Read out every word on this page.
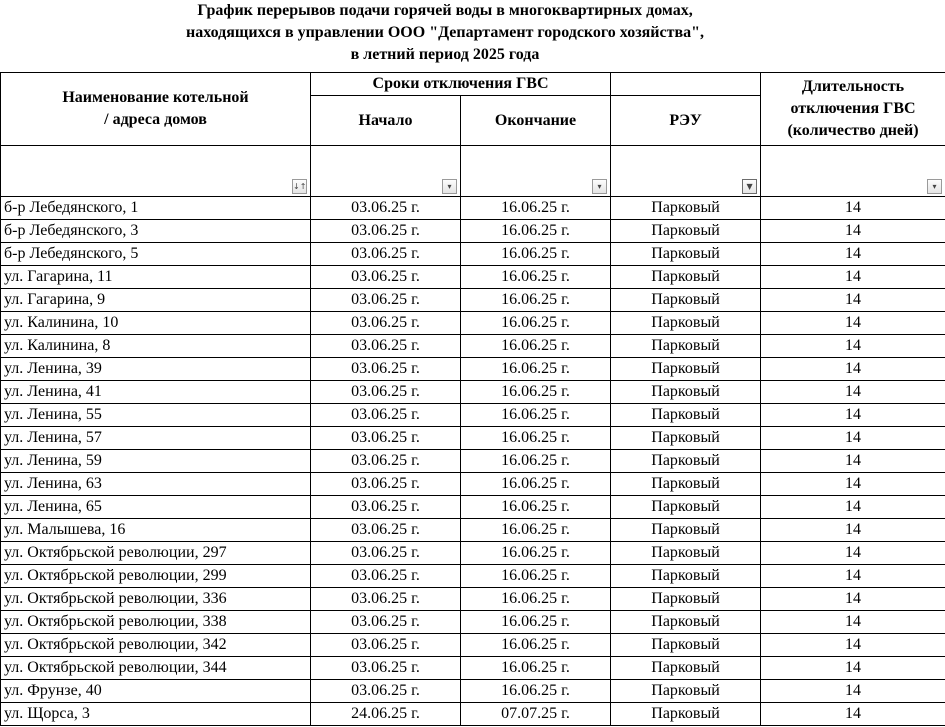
График перерывов подачи горячей воды в многоквартирных домах,
находящихся в управлении ООО "Департамент городского хозяйства",
в летний период 2025 года
Наименование котельной / адреса домов	Сроки отключения ГВС			Длительность отключения ГВС (количество дней)
	Начало	Окончание	РЭУ	

↓↑	▾	▾	▼	▾

б-р Лебедянского, 1	03.06.25 г.	16.06.25 г.	Парковый	14
б-р Лебедянского, 3	03.06.25 г.	16.06.25 г.	Парковый	14
б-р Лебедянского, 5	03.06.25 г.	16.06.25 г.	Парковый	14
ул. Гагарина, 11	03.06.25 г.	16.06.25 г.	Парковый	14
ул. Гагарина, 9	03.06.25 г.	16.06.25 г.	Парковый	14
ул. Калинина, 10	03.06.25 г.	16.06.25 г.	Парковый	14
ул. Калинина, 8	03.06.25 г.	16.06.25 г.	Парковый	14
ул. Ленина, 39	03.06.25 г.	16.06.25 г.	Парковый	14
ул. Ленина, 41	03.06.25 г.	16.06.25 г.	Парковый	14
ул. Ленина, 55	03.06.25 г.	16.06.25 г.	Парковый	14
ул. Ленина, 57	03.06.25 г.	16.06.25 г.	Парковый	14
ул. Ленина, 59	03.06.25 г.	16.06.25 г.	Парковый	14
ул. Ленина, 63	03.06.25 г.	16.06.25 г.	Парковый	14
ул. Ленина, 65	03.06.25 г.	16.06.25 г.	Парковый	14
ул. Малышева, 16	03.06.25 г.	16.06.25 г.	Парковый	14
ул. Октябрьской революции, 297	03.06.25 г.	16.06.25 г.	Парковый	14
ул. Октябрьской революции, 299	03.06.25 г.	16.06.25 г.	Парковый	14
ул. Октябрьской революции, 336	03.06.25 г.	16.06.25 г.	Парковый	14
ул. Октябрьской революции, 338	03.06.25 г.	16.06.25 г.	Парковый	14
ул. Октябрьской революции, 342	03.06.25 г.	16.06.25 г.	Парковый	14
ул. Октябрьской революции, 344	03.06.25 г.	16.06.25 г.	Парковый	14
ул. Фрунзе, 40	03.06.25 г.	16.06.25 г.	Парковый	14
ул. Щорса, 3	24.06.25 г.	07.07.25 г.	Парковый	14
